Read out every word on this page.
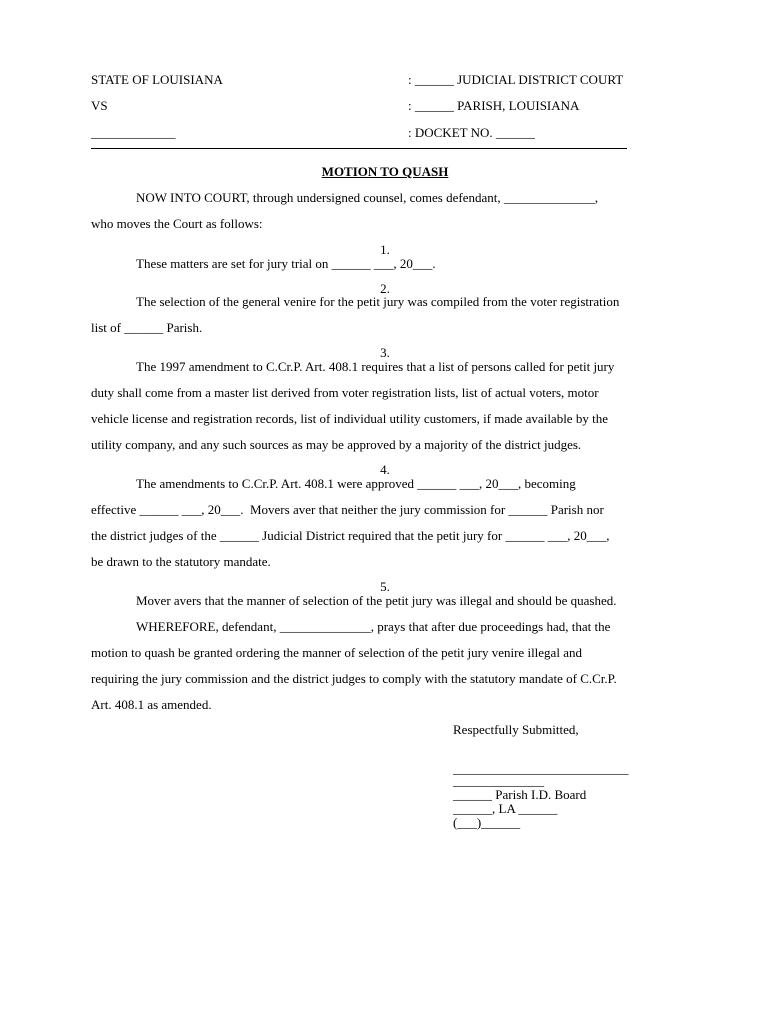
STATE OF LOUISIANA	: ______ JUDICIAL DISTRICT COURT
VS	: ______ PARISH, LOUISIANA
_____________	: DOCKET NO. ______
MOTION TO QUASH
NOW INTO COURT, through undersigned counsel, comes defendant, ______________,
who moves the Court as follows:
1.
These matters are set for jury trial on ______ ___, 20___.
2.
The selection of the general venire for the petit jury was compiled from the voter registration
list of ______ Parish.
3.
The 1997 amendment to C.Cr.P. Art. 408.1 requires that a list of persons called for petit jury
duty shall come from a master list derived from voter registration lists, list of actual voters, motor
vehicle license and registration records, list of individual utility customers, if made available by the
utility company, and any such sources as may be approved by a majority of the district judges.
4.
The amendments to C.Cr.P. Art. 408.1 were approved ______ ___, 20___, becoming
effective ______ ___, 20___.  Movers aver that neither the jury commission for ______ Parish nor
the district judges of the ______ Judicial District required that the petit jury for ______ ___, 20___,
be drawn to the statutory mandate.
5.
Mover avers that the manner of selection of the petit jury was illegal and should be quashed.
WHEREFORE, defendant, ______________, prays that after due proceedings had, that the
motion to quash be granted ordering the manner of selection of the petit jury venire illegal and
requiring the jury commission and the district judges to comply with the statutory mandate of C.Cr.P.
Art. 408.1 as amended.
Respectfully Submitted,
___________________________
______________
______ Parish I.D. Board
______, LA ______
(___)______
